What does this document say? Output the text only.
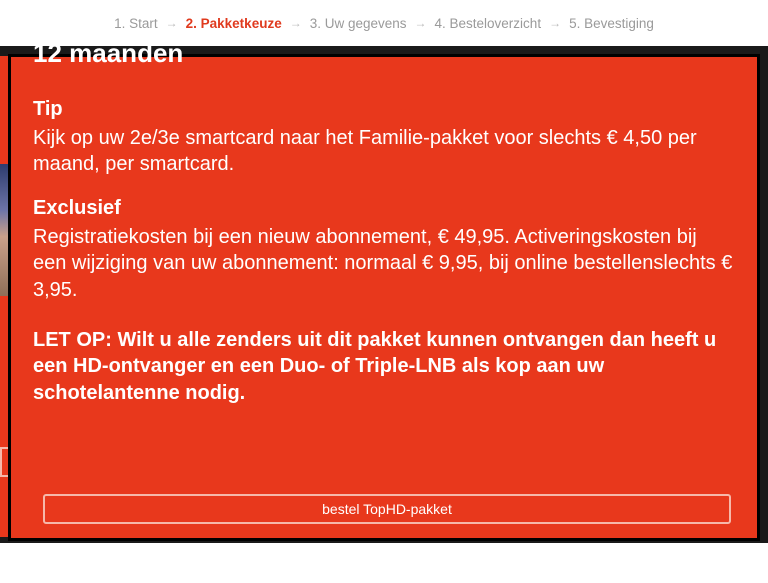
1. Start → 2. Pakketkeuze → 3. Uw gegevens → 4. Besteloverzicht → 5. Bevestiging
12 maanden

Tip

Kijk op uw 2e/3e smartcard naar het Familie-pakket voor slechts € 4,50 per maand, per smartcard.

Exclusief

Registratiekosten bij een nieuw abonnement, € 49,95. Activeringskosten bij een wijziging van uw abonnement: normaal € 9,95, bij online bestellenslechts € 3,95.

LET OP: Wilt u alle zenders uit dit pakket kunnen ontvangen dan heeft u een HD-ontvanger en een Duo- of Triple-LNB als kop aan uw schotelantenne nodig.

bestel TopHD-pakket
